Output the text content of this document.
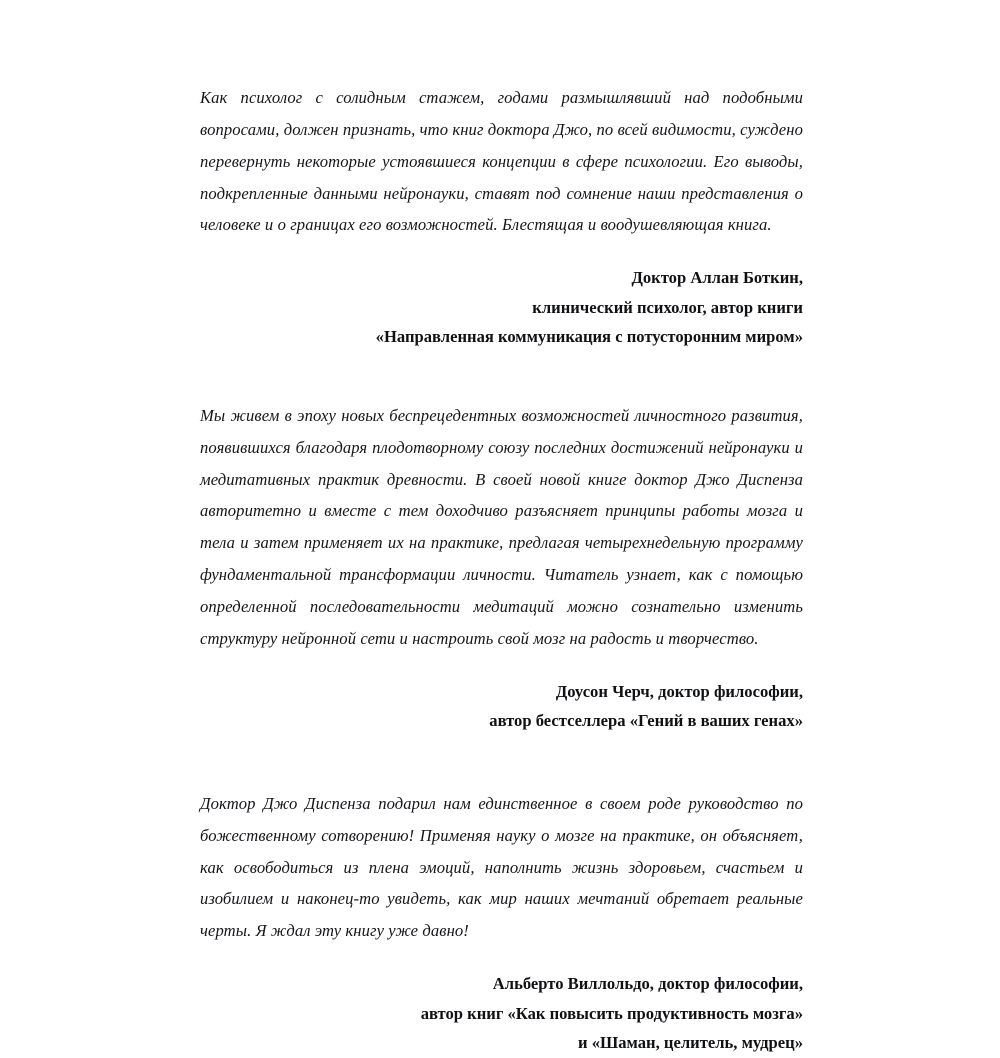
Как психолог с солидным стажем, годами размышлявший над подобными вопросами, должен признать, что книг доктора Джо, по всей видимости, суждено перевернуть некоторые устоявшиеся концепции в сфере психологии. Его выводы, подкрепленные данными нейронауки, ставят под сомнение наши представления о человеке и о границах его возможностей. Блестящая и воодушевляющая книга.

Доктор Аллан Боткин,
клинический психолог, автор книги
«Направленная коммуникация с потусторонним миром»

Мы живем в эпоху новых беспрецедентных возможностей личностного развития, появившихся благодаря плодотворному союзу последних достижений нейронауки и медитативных практик древности. В своей новой книге доктор Джо Диспенза авторитетно и вместе с тем доходчиво разъясняет принципы работы мозга и тела и затем применяет их на практике, предлагая четырехнедельную программу фундаментальной трансформации личности. Читатель узнает, как с помощью определенной последовательности медитаций можно сознательно изменить структуру нейронной сети и настроить свой мозг на радость и творчество.

Доусон Черч, доктор философии,
автор бестселлера «Гений в ваших генах»

Доктор Джо Диспенза подарил нам единственное в своем роде руководство по божественному сотворению! Применяя науку о мозге на практике, он объясняет, как освободиться из плена эмоций, наполнить жизнь здоровьем, счастьем и изобилием и наконец-то увидеть, как мир наших мечтаний обретает реальные черты. Я ждал эту книгу уже давно!

Альберто Виллольдо, доктор философии,
автор книг «Как повысить продуктивность мозга»
и «Шаман, целитель, мудрец»
